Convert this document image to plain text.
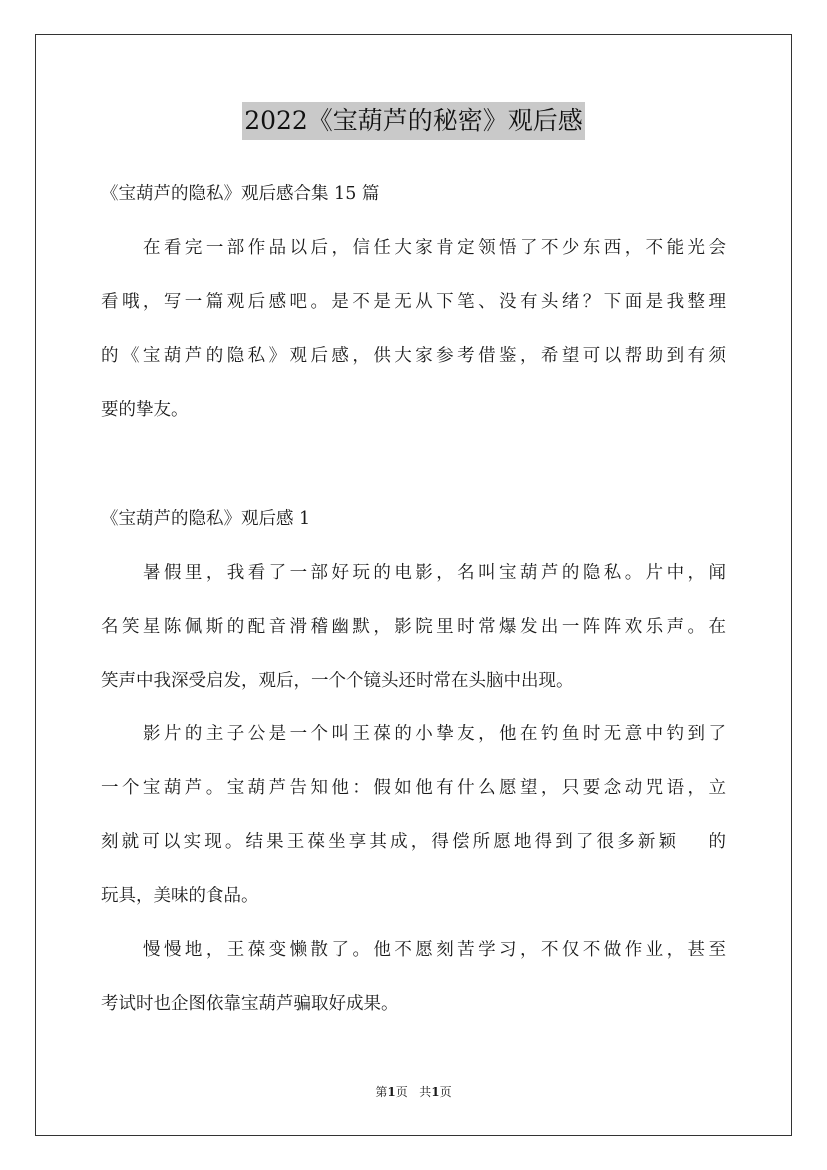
2022《宝葫芦的秘密》观后感
《宝葫芦的隐私》观后感合集 15 篇
在看完一部作品以后，信任大家肯定领悟了不少东西，不能光会
看哦，写一篇观后感吧。是不是无从下笔、没有头绪？下面是我整理
的《宝葫芦的隐私》观后感，供大家参考借鉴，希望可以帮助到有须
要的挚友。
《宝葫芦的隐私》观后感 1
暑假里，我看了一部好玩的电影，名叫宝葫芦的隐私。片中，闻
名笑星陈佩斯的配音滑稽幽默，影院里时常爆发出一阵阵欢乐声。在
笑声中我深受启发，观后，一个个镜头还时常在头脑中出现。
影片的主子公是一个叫王葆的小挚友，他在钓鱼时无意中钓到了
一个宝葫芦。宝葫芦告知他：假如他有什么愿望，只要念动咒语，立
刻就可以实现。结果王葆坐享其成，得偿所愿地得到了很多新颖　 的
玩具，美味的食品。
慢慢地，王葆变懒散了。他不愿刻苦学习，不仅不做作业，甚至
考试时也企图依靠宝葫芦骗取好成果。
第1页 共1页
